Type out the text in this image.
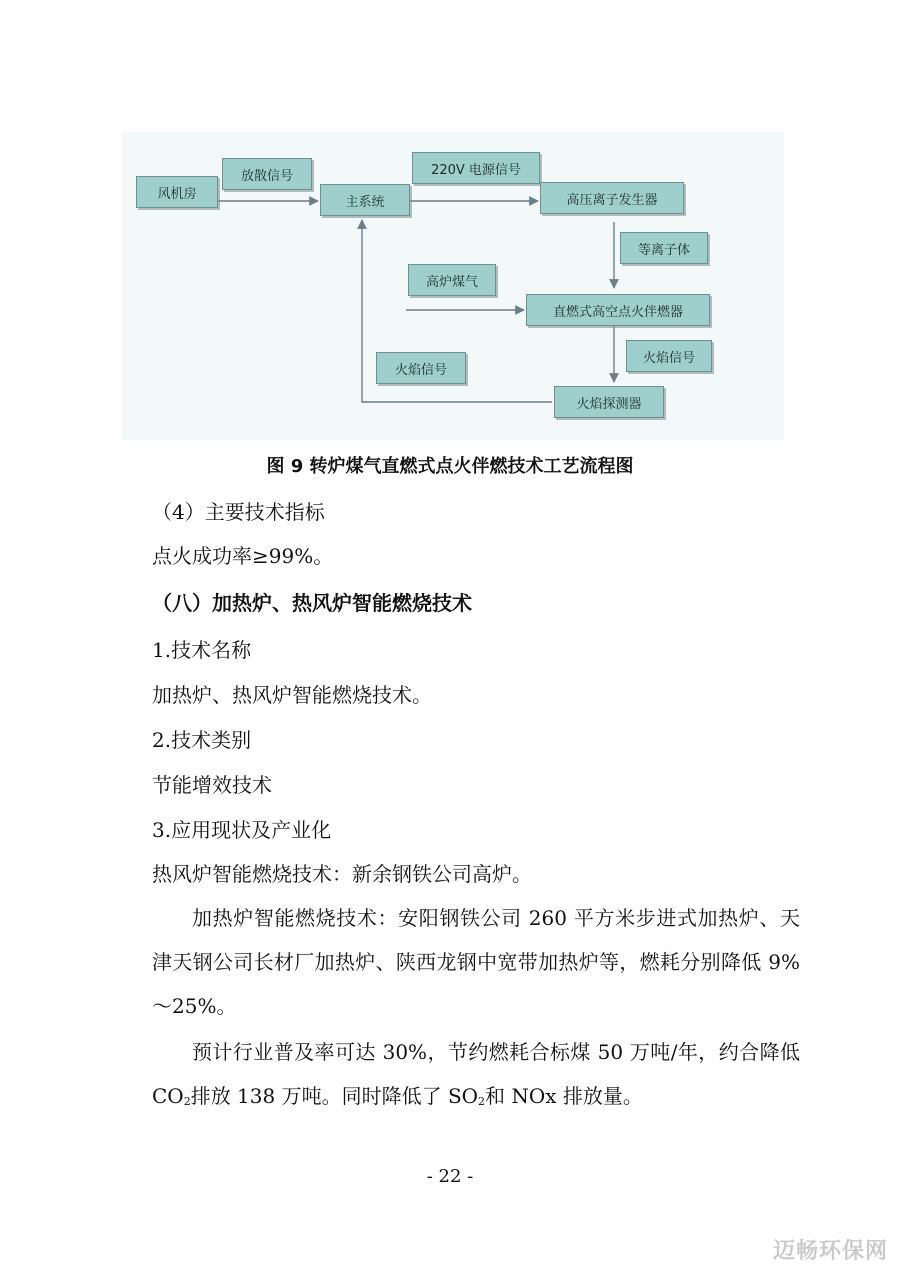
风机房
放散信号
主系统
220V 电源信号
高压离子发生器
等离子体
高炉煤气
直燃式高空点火伴燃器
火焰信号
火焰信号
火焰探测器
图 9 转炉煤气直燃式点火伴燃技术工艺流程图
（4）主要技术指标
点火成功率≥99%。
（八）加热炉、热风炉智能燃烧技术
1.技术名称
加热炉、热风炉智能燃烧技术。
2.技术类别
节能增效技术
3.应用现状及产业化
热风炉智能燃烧技术：新余钢铁公司高炉。
加热炉智能燃烧技术：安阳钢铁公司 260 平方米步进式加热炉、天津天钢公司长材厂加热炉、陕西龙钢中宽带加热炉等，燃耗分别降低 9%～25%。
预计行业普及率可达 30%，节约燃耗合标煤 50 万吨/年，约合降低 $CO_2$排放 138 万吨。同时降低了 $SO_2$和 NOx 排放量。
- 22 -
迈畅环保网
